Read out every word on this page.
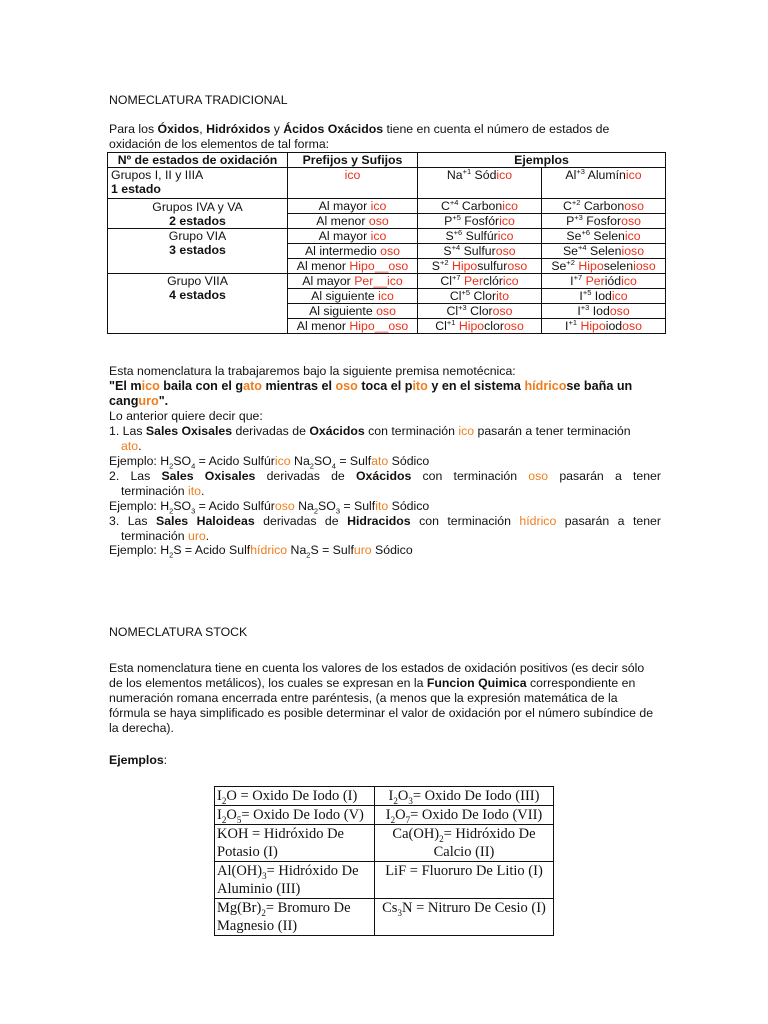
NOMECLATURA TRADICIONAL

Para los Óxidos, Hidróxidos y Ácidos Oxácidos tiene en cuenta el número de estados de
oxidación de los elementos de tal forma:

Nº de estados de oxidación	Prefijos y Sufijos	Ejemplos	
Grupos I, II y IIIA
1 estado	ico	$Na^{+1}$ Sódico	$Al^{+3}$ Alumínico
Grupos IVA y VA
2 estados	Al mayor ico	$C^{+4}$ Carbonico	$C^{+2}$ Carbonoso
	Al menor oso	$P^{+5}$ Fosfórico	$P^{+3}$ Fosforoso
Grupo VIA
3 estados	Al mayor ico	$S^{+6}$ Sulfúrico	$Se^{+6}$ Selenico
	Al intermedio oso	$S^{+4}$ Sulfuroso	$Se^{+4}$ Selenioso
	Al menor Hipo__oso	$S^{+2}$ Hiposulfuroso	$Se^{+2}$ Hiposelenioso
Grupo VIIA
4 estados	Al mayor Per__ico	$Cl^{+7}$ Perclórico	$I^{+7}$ Periódico
	Al siguiente ico	$Cl^{+5}$ Clorito	$I^{+5}$ Iodico
	Al siguiente oso	$Cl^{+3}$ Cloroso	$I^{+3}$ Iodoso
	Al menor Hipo__oso	$Cl^{+1}$ Hipocloroso	$I^{+1}$ Hipoiodoso

Esta nomenclatura la trabajaremos bajo la siguiente premisa nemotécnica:

"El mico baila con el gato mientras el oso toca el pito y en el sistema hídricose baña un
canguro".

Lo anterior quiere decir que:

1. Las Sales Oxisales derivadas de Oxácidos con terminación ico pasarán a tener terminación
ato.

Ejemplo: $H_2SO_4$ = Acido Sulfúrico $Na_2SO_4$ = Sulfato Sódico

2. Las Sales Oxisales derivadas de Oxácidos con terminación oso pasarán a tener

terminación ito.

Ejemplo: $H_2SO_3$ = Acido Sulfúroso $Na_2SO_3$ = Sulfito Sódico

3. Las Sales Haloideas derivadas de Hidracidos con terminación hídrico pasarán a tener

terminación uro.

Ejemplo: $H_2S$ = Acido Sulfhídrico $Na_2S$ = Sulfuro Sódico

NOMECLATURA STOCK

Esta nomenclatura tiene en cuenta los valores de los estados de oxidación positivos (es decir sólo de los elementos metálicos), los cuales se expresan en la Funcion Quimica correspondiente en numeración romana encerrada entre paréntesis, (a menos que la expresión matemática de la fórmula se haya simplificado es posible determinar el valor de oxidación por el número subíndice de la derecha).

Ejemplos:

$I_2O$ = Oxido De Iodo (I)	$I_2O_3=$ Oxido De Iodo (III)
$I_2O_5=$ Oxido De Iodo (V)	$I_2O_7=$ Oxido De Iodo (VII)
KOH = Hidróxido De Potasio (I)	$Ca(OH)_2=$ Hidróxido De Calcio (II)
$Al(OH)_3=$ Hidróxido De Aluminio (III)	LiF = Fluoruro De Litio (I)
$Mg(Br)_2=$ Bromuro De Magnesio (II)	$Cs_3N$ = Nitruro De Cesio (I)
